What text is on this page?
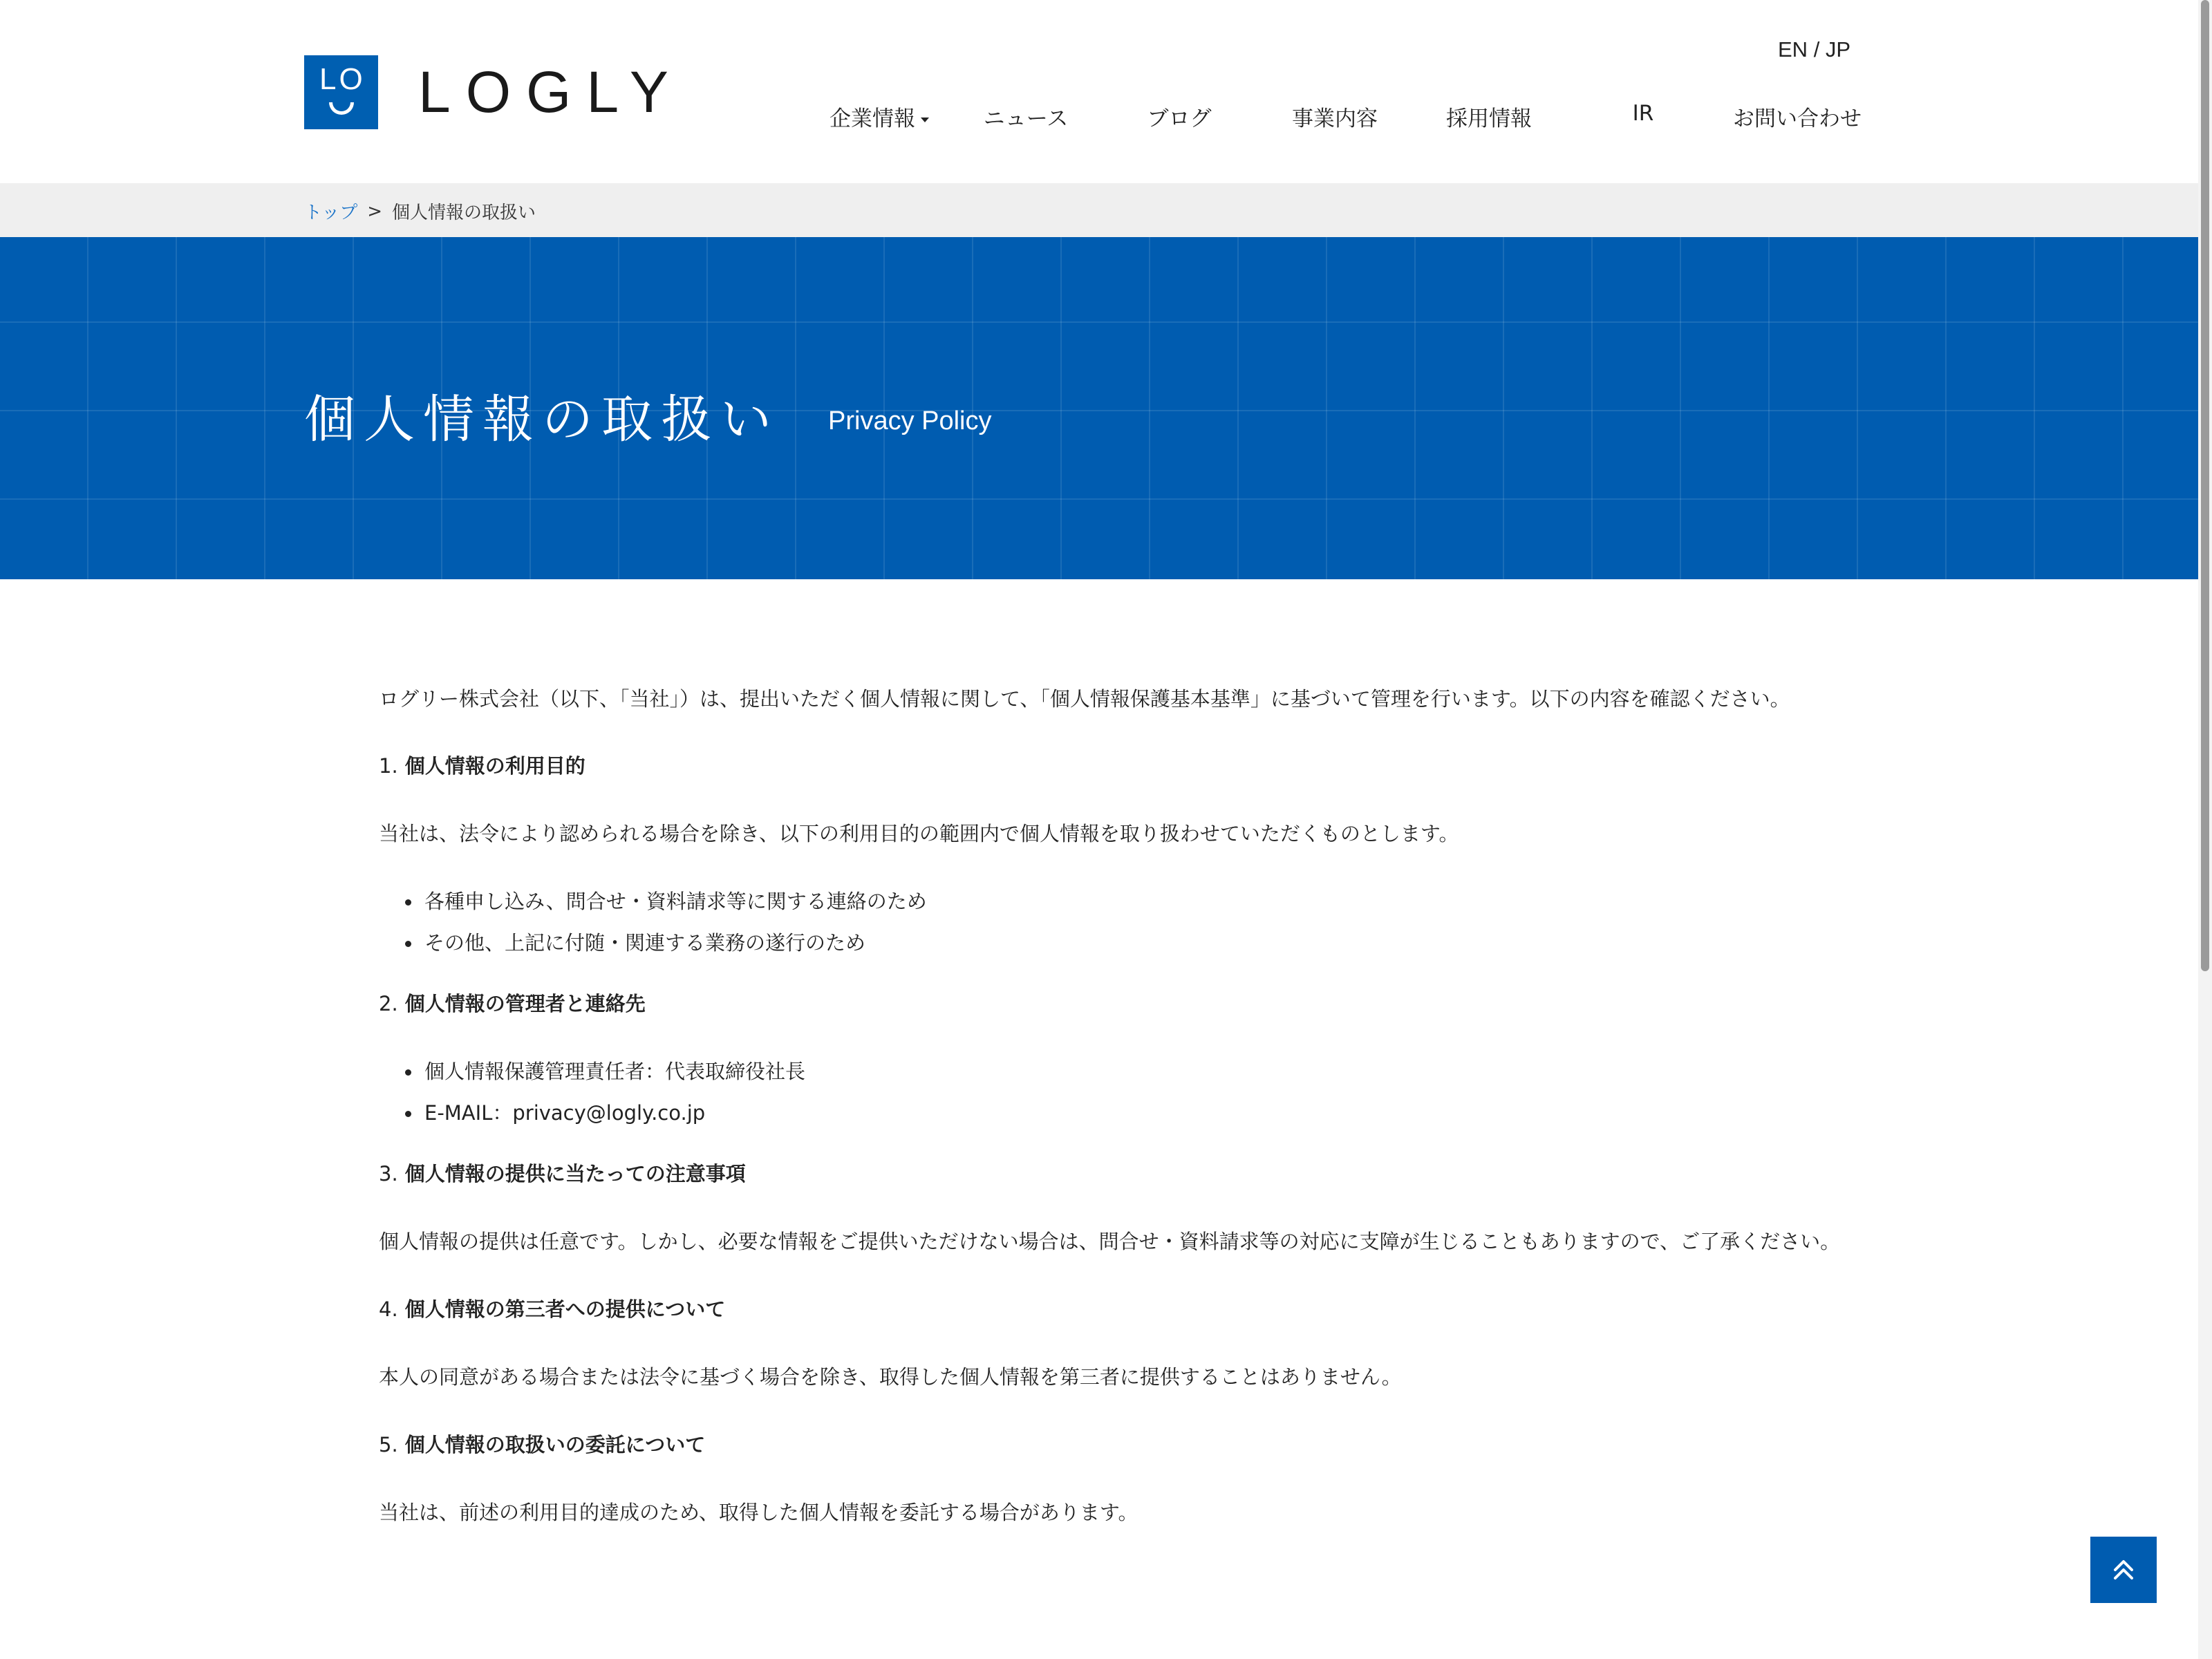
LO LOGLY
EN / JP
企業情報	ニュース	ブログ	事業内容	採用情報	IR	お問い合わせ
トップ > 個人情報の取扱い
個人情報の取扱い Privacy Policy

ログリー株式会社（以下、「当社」）は、提出いただく個人情報に関して、「個人情報保護基本基準」に基づいて管理を行います。以下の内容を確認ください。

1. 個人情報の利用目的

当社は、法令により認められる場合を除き、以下の利用目的の範囲内で個人情報を取り扱わせていただくものとします。

各種申し込み、問合せ・資料請求等に関する連絡のため
その他、上記に付随・関連する業務の遂行のため
2. 個人情報の管理者と連絡先
個人情報保護管理責任者：代表取締役社長
E-MAIL：privacy@logly.co.jp
3. 個人情報の提供に当たっての注意事項

個人情報の提供は任意です。しかし、必要な情報をご提供いただけない場合は、問合せ・資料請求等の対応に支障が生じることもありますので、ご了承ください。

4. 個人情報の第三者への提供について

本人の同意がある場合または法令に基づく場合を除き、取得した個人情報を第三者に提供することはありません。

5. 個人情報の取扱いの委託について

当社は、前述の利用目的達成のため、取得した個人情報を委託する場合があります。
